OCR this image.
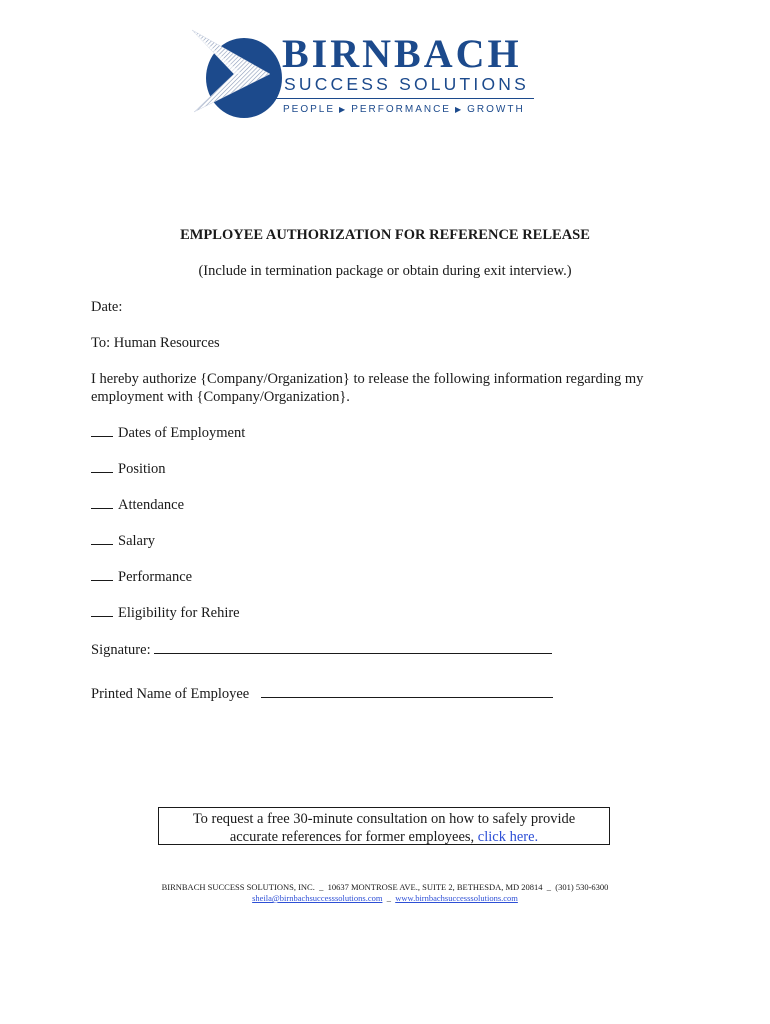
BIRNBACH
SUCCESS SOLUTIONS
PEOPLE ▶ PERFORMANCE ▶ GROWTH
EMPLOYEE AUTHORIZATION FOR REFERENCE RELEASE
(Include in termination package or obtain during exit interview.)
Date:
To: Human Resources
I hereby authorize {Company/Organization} to release the following information regarding my
employment with {Company/Organization}.
Dates of Employment
Position
Attendance
Salary
Performance
Eligibility for Rehire
Signature:
Printed Name of Employee
To request a free 30-minute consultation on how to safely provide
accurate references for former employees, click here.
BIRNBACH SUCCESS SOLUTIONS, INC. _ 10637 MONTROSE AVE., SUITE 2, BETHESDA, MD 20814 _ (301) 530-6300
sheila@birnbachsuccesssolutions.com _ www.birnbachsuccesssolutions.com
